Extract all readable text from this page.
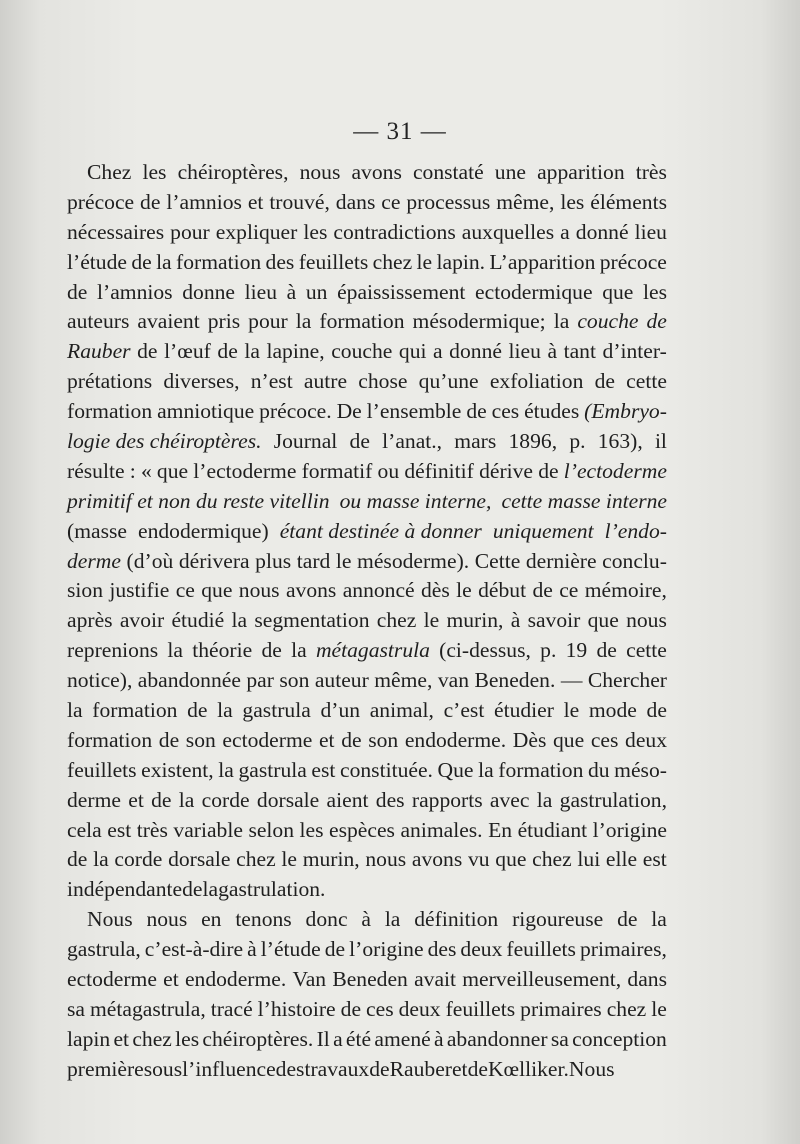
— 31 —
Chez les chéiroptères, nous avons constaté une apparition très
précoce de l’amnios et trouvé, dans ce processus même, les éléments
nécessaires pour expliquer les contradictions auxquelles a donné lieu
l’étude de la formation des feuillets chez le lapin. L’apparition précoce
de l’amnios donne lieu à un épaississement ectodermique que les
auteurs avaient pris pour la formation mésodermique; la couche de
Rauber de l’œuf de la lapine, couche qui a donné lieu à tant d’inter-
prétations diverses, n’est autre chose qu’une exfoliation de cette
formation amniotique précoce. De l’ensemble de ces études (Embryo-
logie des chéiroptères. Journal de l’anat., mars 1896, p. 163), il
résulte : « que l’ectoderme formatif ou définitif dérive de l’ectoderme
primitif et non du reste vitellin ou masse interne, cette masse interne
(masse endodermique) étant destinée à donner uniquement l’endo-
derme (d’où dérivera plus tard le mésoderme). Cette dernière conclu-
sion justifie ce que nous avons annoncé dès le début de ce mémoire,
après avoir étudié la segmentation chez le murin, à savoir que nous
reprenions la théorie de la métagastrula (ci-dessus, p. 19 de cette
notice), abandonnée par son auteur même, van Beneden. — Chercher
la formation de la gastrula d’un animal, c’est étudier le mode de
formation de son ectoderme et de son endoderme. Dès que ces deux
feuillets existent, la gastrula est constituée. Que la formation du méso-
derme et de la corde dorsale aient des rapports avec la gastrulation,
cela est très variable selon les espèces animales. En étudiant l’origine
de la corde dorsale chez le murin, nous avons vu que chez lui elle est
indépendante de la gastrulation.
Nous nous en tenons donc à la définition rigoureuse de la
gastrula, c’est-à-dire à l’étude de l’origine des deux feuillets primaires,
ectoderme et endoderme. Van Beneden avait merveilleusement, dans
sa métagastrula, tracé l’histoire de ces deux feuillets primaires chez le
lapin et chez les chéiroptères. Il a été amené à abandonner sa conception
première sous l’influence des travaux de Rauber et de Kœlliker. Nous
